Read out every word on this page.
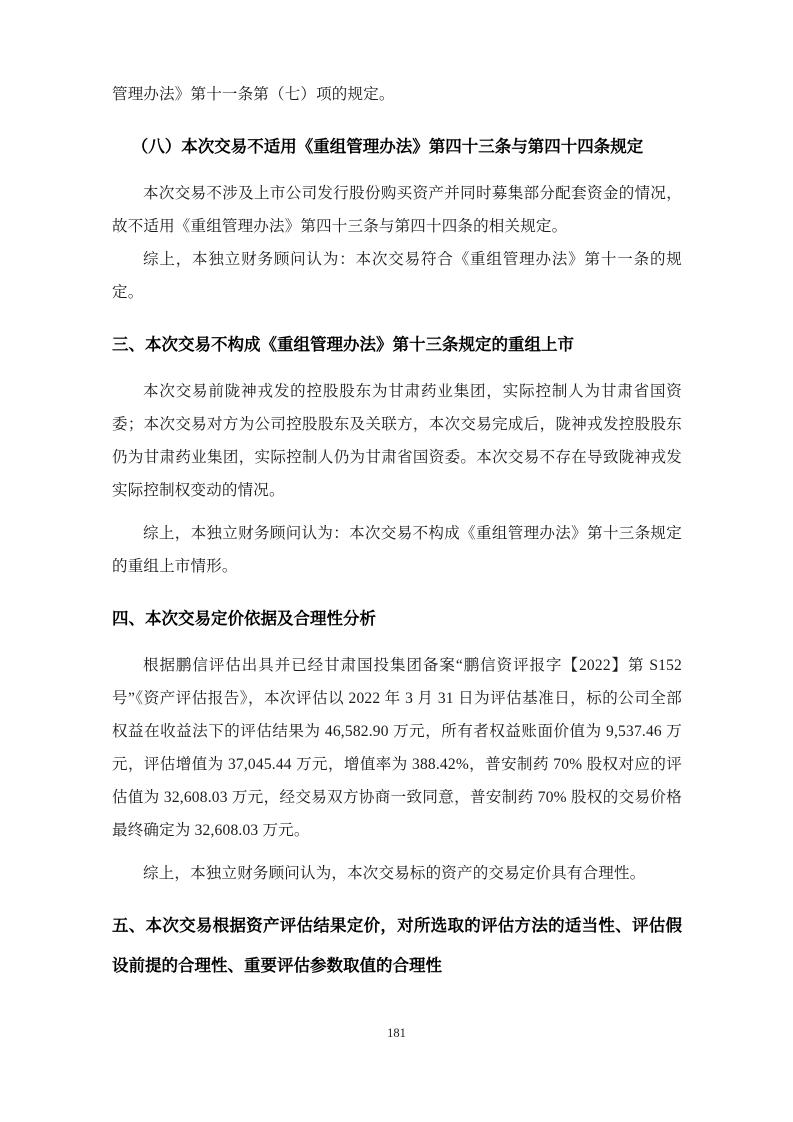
管理办法》第十一条第（七）项的规定。

（八）本次交易不适用《重组管理办法》第四十三条与第四十四条规定

本次交易不涉及上市公司发行股份购买资产并同时募集部分配套资金的情况，故不适用《重组管理办法》第四十三条与第四十四条的相关规定。

综上，本独立财务顾问认为：本次交易符合《重组管理办法》第十一条的规定。

三、本次交易不构成《重组管理办法》第十三条规定的重组上市

本次交易前陇神戎发的控股股东为甘肃药业集团，实际控制人为甘肃省国资委；本次交易对方为公司控股股东及关联方，本次交易完成后，陇神戎发控股股东仍为甘肃药业集团，实际控制人仍为甘肃省国资委。本次交易不存在导致陇神戎发实际控制权变动的情况。

综上，本独立财务顾问认为：本次交易不构成《重组管理办法》第十三条规定的重组上市情形。

四、本次交易定价依据及合理性分析

根据鹏信评估出具并已经甘肃国投集团备案“鹏信资评报字【2022】第 S152 号”《资产评估报告》，本次评估以 2022 年 3 月 31 日为评估基准日，标的公司全部权益在收益法下的评估结果为 46,582.90 万元，所有者权益账面价值为 9,537.46 万元，评估增值为 37,045.44 万元，增值率为 388.42%，普安制药 70% 股权对应的评估值为 32,608.03 万元，经交易双方协商一致同意，普安制药 70% 股权的交易价格最终确定为 32,608.03 万元。

综上，本独立财务顾问认为，本次交易标的资产的交易定价具有合理性。

五、本次交易根据资产评估结果定价，对所选取的评估方法的适当性、评估假设前提的合理性、重要评估参数取值的合理性

181
